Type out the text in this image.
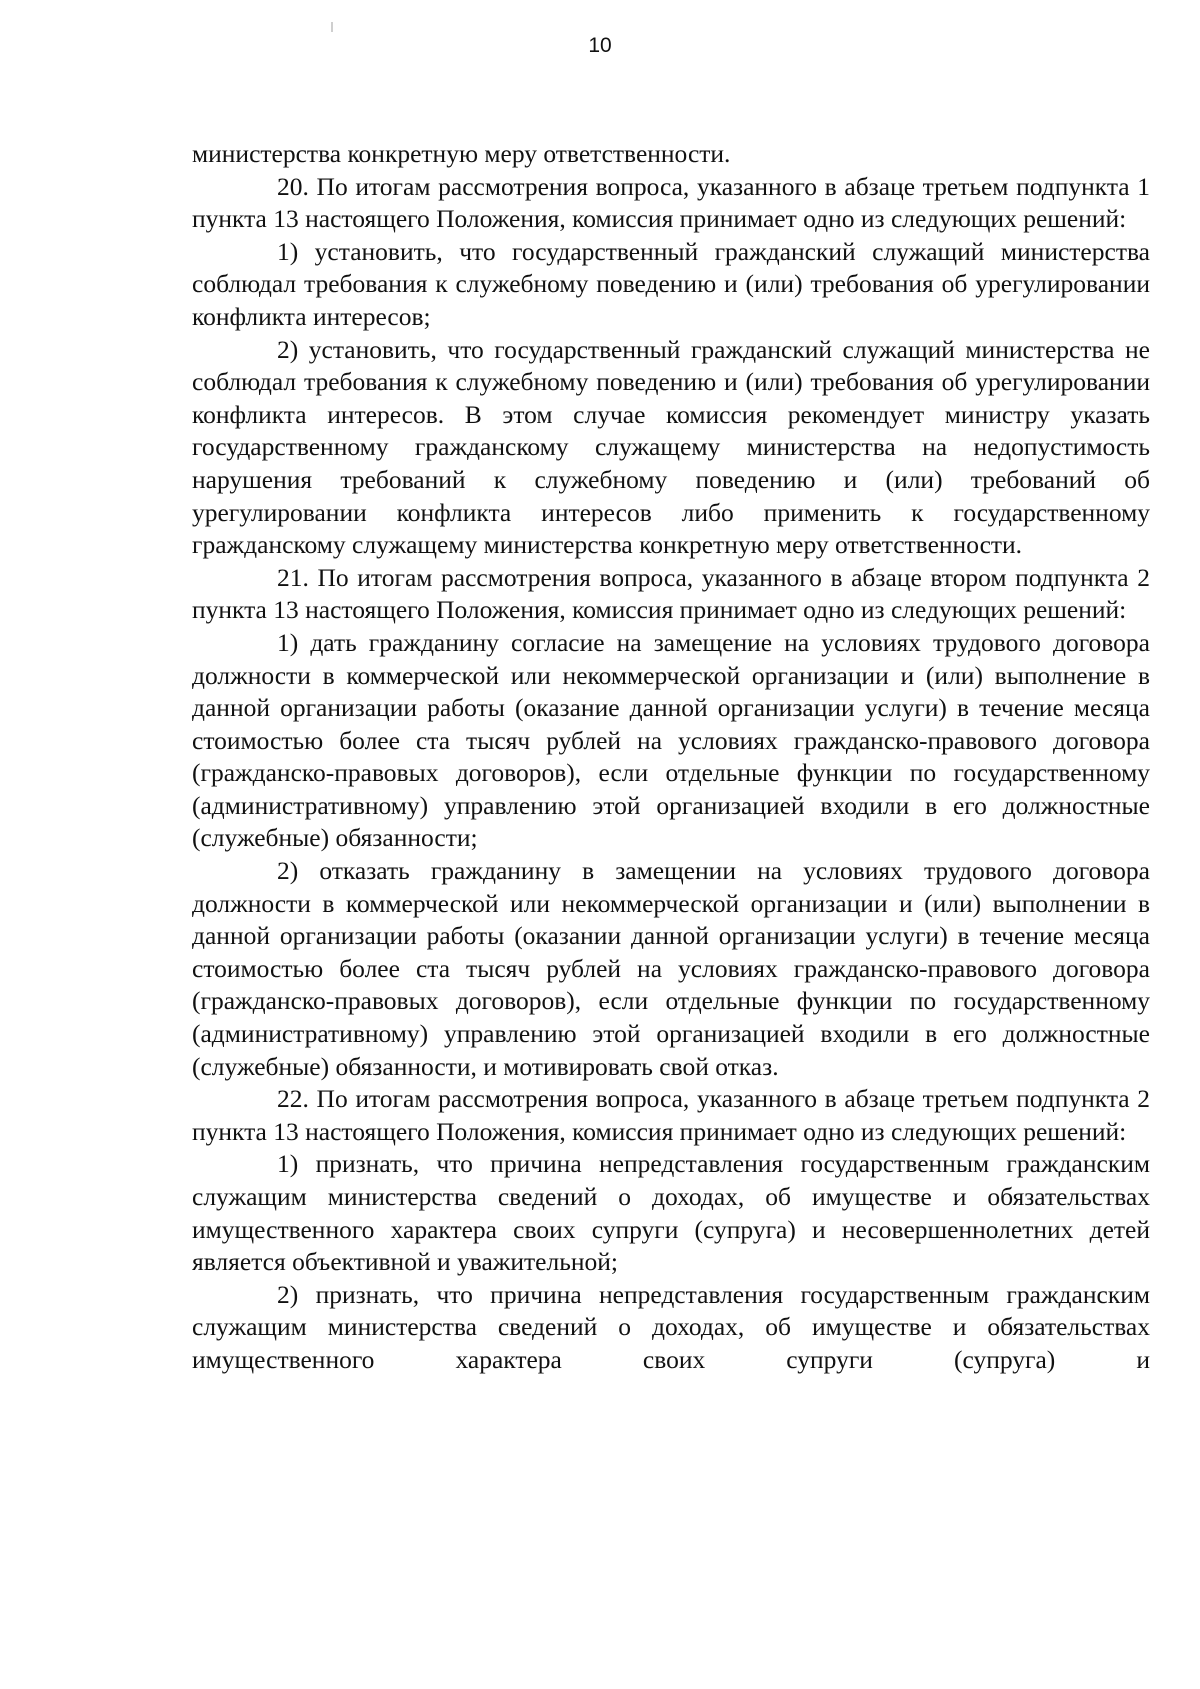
10

министерства конкретную меру ответственности.

20. По итогам рассмотрения вопроса, указанного в абзаце третьем подпункта 1 пункта 13 настоящего Положения, комиссия принимает одно из следующих решений:

1) установить, что государственный гражданский служащий министерства соблюдал требования к служебному поведению и (или) требования об урегулировании конфликта интересов;

2) установить, что государственный гражданский служащий министерства не соблюдал требования к служебному поведению и (или) требования об урегулировании конфликта интересов. В этом случае комиссия рекомендует министру указать государственному гражданскому служащему министерства на недопустимость нарушения требований к служебному поведению и (или) требований об урегулировании конфликта интересов либо применить к государственному гражданскому служащему министерства конкретную меру ответственности.

21. По итогам рассмотрения вопроса, указанного в абзаце втором подпункта 2 пункта 13 настоящего Положения, комиссия принимает одно из следующих решений:

1) дать гражданину согласие на замещение на условиях трудового договора должности в коммерческой или некоммерческой организации и (или) выполнение в данной организации работы (оказание данной организации услуги) в течение месяца стоимостью более ста тысяч рублей на условиях гражданско-правового договора (гражданско-правовых договоров), если отдельные функции по государственному (административному) управлению этой организацией входили в его должностные (служебные) обязанности;

2) отказать гражданину в замещении на условиях трудового договора должности в коммерческой или некоммерческой организации и (или) выполнении в данной организации работы (оказании данной организации услуги) в течение месяца стоимостью более ста тысяч рублей на условиях гражданско-правового договора (гражданско-правовых договоров), если отдельные функции по государственному (административному) управлению этой организацией входили в его должностные (служебные) обязанности, и мотивировать свой отказ.

22. По итогам рассмотрения вопроса, указанного в абзаце третьем подпункта 2 пункта 13 настоящего Положения, комиссия принимает одно из следующих решений:

1) признать, что причина непредставления государственным гражданским служащим министерства сведений о доходах, об имуществе и обязательствах имущественного характера своих супруги (супруга) и несовершеннолетних детей является объективной и уважительной;

2) признать, что причина непредставления государственным гражданским служащим министерства сведений о доходах, об имуществе и обязательствах имущественного характера своих супруги (супруга) и
